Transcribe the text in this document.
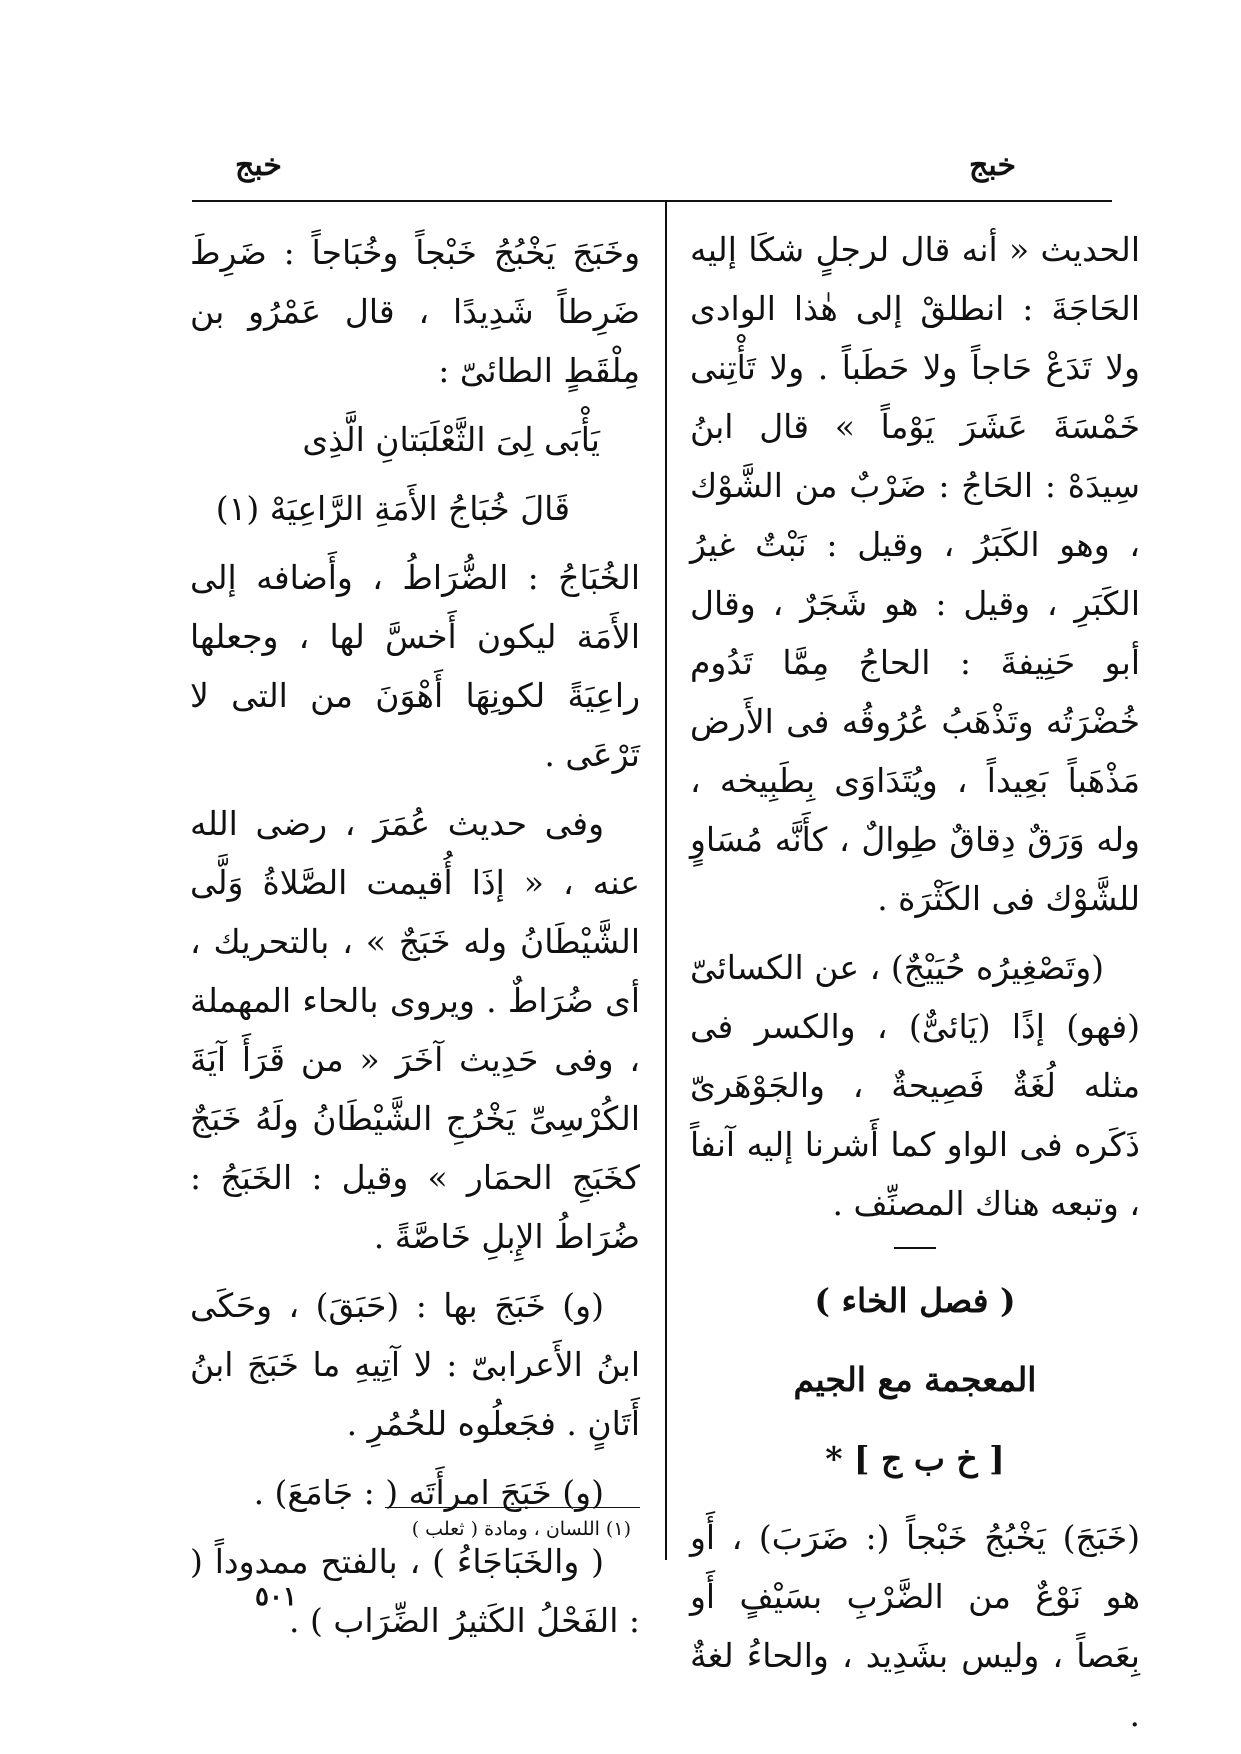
خبج
خبج

الحديث « أنه قال لرجلٍ شكَا إليه الحَاجَةَ : انطلقْ إلى هٰذا الوادى ولا تَدَعْ حَاجاً ولا حَطَباً . ولا تَأْتِنى خَمْسَةَ عَشَرَ يَوْماً » قال ابنُ سِيدَهْ : الحَاجُ : ضَرْبٌ من الشَّوْك ، وهو الكَبَرُ ، وقيل : نَبْتٌ غيرُ الكَبَرِ ، وقيل : هو شَجَرٌ ، وقال أبو حَنِيفةَ : الحاجُ مِمَّا تَدُوم خُضْرَتُه وتَذْهَبُ عُرُوقُه فى الأَرض مَذْهَباً بَعِيداً ، ويُتَدَاوَى بِطَبِيخه ، وله وَرَقٌ دِقاقٌ طِوالٌ ، كأَنَّه مُسَاوٍ للشَّوْك فى الكَثْرَة .

(وتَصْغِيرُه حُيَيْجٌ) ، عن الكسائىّ (فهو) إذًا (يَائىٌّ) ، والكسر فى مثله لُغَةٌ فَصِيحةٌ ، والجَوْهَرىّ ذَكَره فى الواو كما أَشرنا إليه آنفاً ، وتبعه هناك المصنِّف .

( فصل الخاء )

المعجمة مع الجيم

[ خ ب ج ] *

(خَبَجَ) يَخْبُجُ خَبْجاً (: ضَرَبَ) ، أَو هو نَوْعٌ من الضَّرْبِ بسَيْفٍ أَو بِعَصاً ، وليس بشَدِيد ، والحاءُ لغةٌ .

وخَبَجَ يَخْبُجُ خَبْجاً وخُبَاجاً : ضَرِطَ ضَرِطاً شَدِيدًا ، قال عَمْرُو بن مِلْقَطٍ الطائىّ :

يَأْبَى لِىَ الثَّعْلَبَتانِ الَّذِى

قَالَ خُبَاجُ الأَمَةِ الرَّاعِيَهْ (١)

الخُبَاجُ : الضُّرَاطُ ، وأَضافه إلى الأَمَة ليكون أَخسَّ لها ، وجعلها راعِيَةً لكونِهَا أَهْوَنَ من التى لا تَرْعَى .

وفى حديث عُمَرَ ، رضى الله عنه ، « إذَا أُقيمت الصَّلاةُ وَلَّى الشَّيْطَانُ وله خَبَجٌ » ، بالتحريك ، أى ضُرَاطٌ . ويروى بالحاء المهملة ، وفى حَدِيث آخَرَ « من قَرَأَ آيَةَ الكُرْسِىِّ يَخْرُجِ الشَّيْطَانُ ولَهُ خَبَجٌ كخَبَجِ الحمَار » وقيل : الخَبَجُ : ضُرَاطُ الإِبلِ خَاصَّةً .

(و) خَبَجَ بها : (حَبَقَ) ، وحَكَى ابنُ الأَعرابىّ : لا آتِيهِ ما خَبَجَ ابنُ أَتَانٍ . فجَعلُوه للحُمُرِ .

(و) خَبَجَ امرأَتَه ( : جَامَعَ) .

( والخَبَاجَاءُ ) ، بالفتح ممدوداً ( : الفَحْلُ الكَثيرُ الضِّرَاب ) .

(١) اللسان ، ومادة ( ثعلب )
٥٠١
